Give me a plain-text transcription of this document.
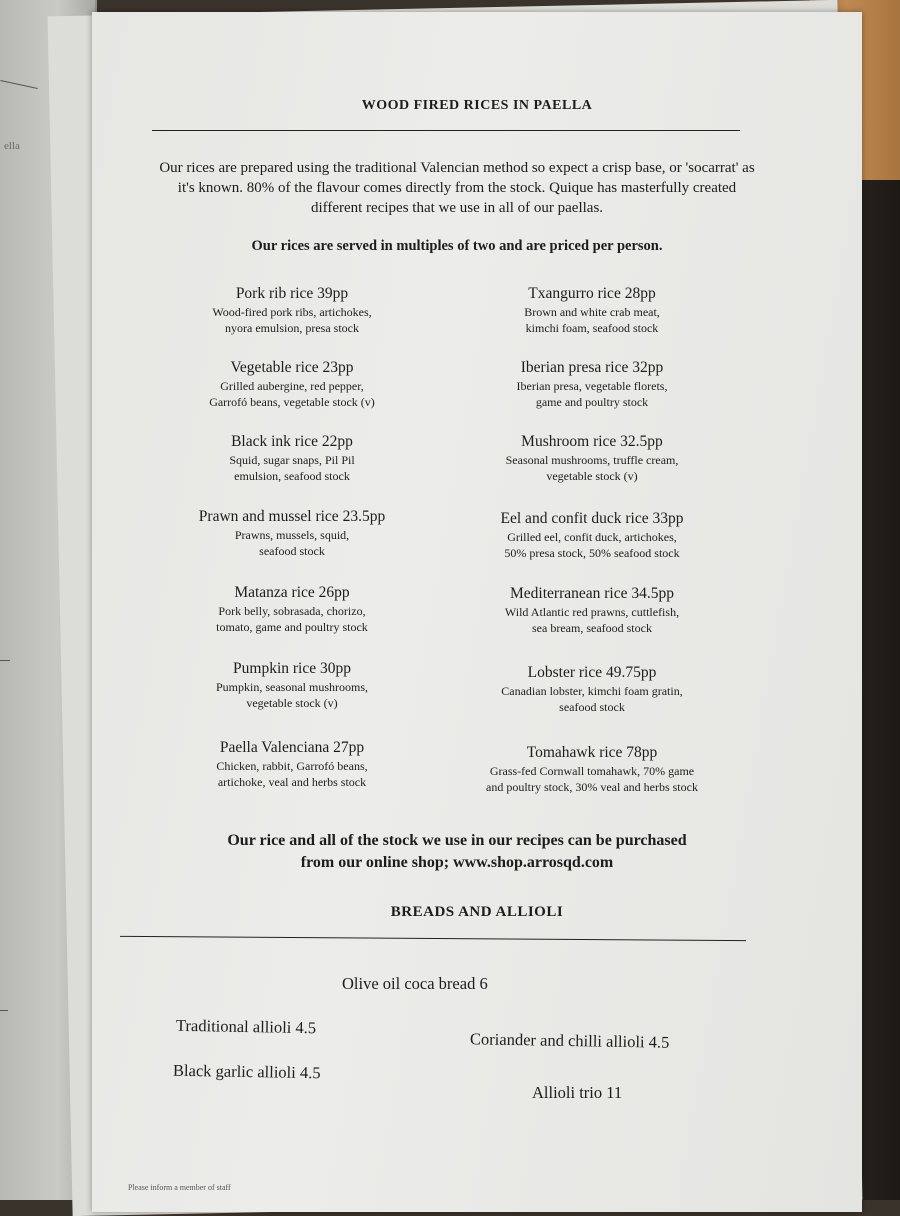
ella
WOOD FIRED RICES IN PAELLA
Our rices are prepared using the traditional Valencian method so expect a crisp base, or 'socarrat' as it's known. 80% of the flavour comes directly from the stock. Quique has masterfully created different recipes that we use in all of our paellas.
Our rices are served in multiples of two and are priced per person.
Pork rib rice 39pp
Wood-fired pork ribs, artichokes,
nyora emulsion, presa stock
Vegetable rice 23pp
Grilled aubergine, red pepper,
Garrofó beans, vegetable stock (v)
Black ink rice 22pp
Squid, sugar snaps, Pil Pil
emulsion, seafood stock
Prawn and mussel rice 23.5pp
Prawns, mussels, squid,
seafood stock
Matanza rice 26pp
Pork belly, sobrasada, chorizo,
tomato, game and poultry stock
Pumpkin rice 30pp
Pumpkin, seasonal mushrooms,
vegetable stock (v)
Paella Valenciana 27pp
Chicken, rabbit, Garrofó beans,
artichoke, veal and herbs stock
Txangurro rice 28pp
Brown and white crab meat,
kimchi foam, seafood stock
Iberian presa rice 32pp
Iberian presa, vegetable florets,
game and poultry stock
Mushroom rice 32.5pp
Seasonal mushrooms, truffle cream,
vegetable stock (v)
Eel and confit duck rice 33pp
Grilled eel, confit duck, artichokes,
50% presa stock, 50% seafood stock
Mediterranean rice 34.5pp
Wild Atlantic red prawns, cuttlefish,
sea bream, seafood stock
Lobster rice 49.75pp
Canadian lobster, kimchi foam gratin,
seafood stock
Tomahawk rice 78pp
Grass-fed Cornwall tomahawk, 70% game
and poultry stock, 30% veal and herbs stock
Our rice and all of the stock we use in our recipes can be purchased
from our online shop; www.shop.arrosqd.com
BREADS AND ALLIOLI
Olive oil coca bread 6
Traditional allioli 4.5
Coriander and chilli allioli 4.5
Black garlic allioli 4.5
Allioli trio 11
Please inform a member of staff
